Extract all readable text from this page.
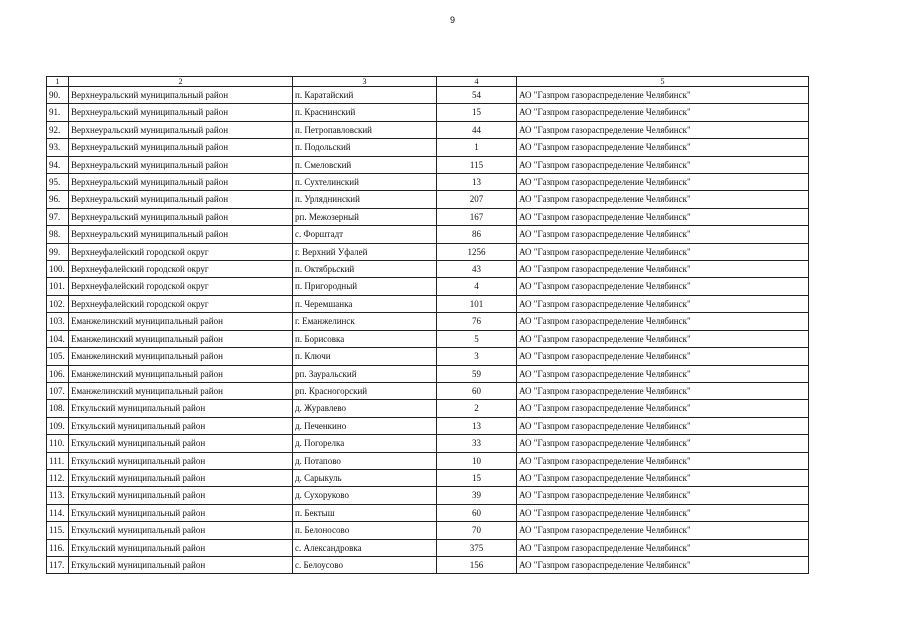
9
1	2	3	4	5
90.	Верхнеуральский муниципальный район	п. Каратайский	54	АО "Газпром газораспределение Челябинск"
91.	Верхнеуральский муниципальный район	п. Краснинский	15	АО "Газпром газораспределение Челябинск"
92.	Верхнеуральский муниципальный район	п. Петропавловский	44	АО "Газпром газораспределение Челябинск"
93.	Верхнеуральский муниципальный район	п. Подольский	1	АО "Газпром газораспределение Челябинск"
94.	Верхнеуральский муниципальный район	п. Смеловский	115	АО "Газпром газораспределение Челябинск"
95.	Верхнеуральский муниципальный район	п. Сухтелинский	13	АО "Газпром газораспределение Челябинск"
96.	Верхнеуральский муниципальный район	п. Урляднинский	207	АО "Газпром газораспределение Челябинск"
97.	Верхнеуральский муниципальный район	рп. Межозерный	167	АО "Газпром газораспределение Челябинск"
98.	Верхнеуральский муниципальный район	с. Форштадт	86	АО "Газпром газораспределение Челябинск"
99.	Верхнеуфалейский городской округ	г. Верхний Уфалей	1256	АО "Газпром газораспределение Челябинск"
100.	Верхнеуфалейский городской округ	п. Октябрьский	43	АО "Газпром газораспределение Челябинск"
101.	Верхнеуфалейский городской округ	п. Пригородный	4	АО "Газпром газораспределение Челябинск"
102.	Верхнеуфалейский городской округ	п. Черемшанка	101	АО "Газпром газораспределение Челябинск"
103.	Еманжелинский муниципальный район	г. Еманжелинск	76	АО "Газпром газораспределение Челябинск"
104.	Еманжелинский муниципальный район	п. Борисовка	5	АО "Газпром газораспределение Челябинск"
105.	Еманжелинский муниципальный район	п. Ключи	3	АО "Газпром газораспределение Челябинск"
106.	Еманжелинский муниципальный район	рп. Зауральский	59	АО "Газпром газораспределение Челябинск"
107.	Еманжелинский муниципальный район	рп. Красногорский	60	АО "Газпром газораспределение Челябинск"
108.	Еткульский муниципальный район	д. Журавлево	2	АО "Газпром газораспределение Челябинск"
109.	Еткульский муниципальный район	д. Печенкино	13	АО "Газпром газораспределение Челябинск"
110.	Еткульский муниципальный район	д. Погорелка	33	АО "Газпром газораспределение Челябинск"
111.	Еткульский муниципальный район	д. Потапово	10	АО "Газпром газораспределение Челябинск"
112.	Еткульский муниципальный район	д. Сарыкуль	15	АО "Газпром газораспределение Челябинск"
113.	Еткульский муниципальный район	д. Сухоруково	39	АО "Газпром газораспределение Челябинск"
114.	Еткульский муниципальный район	п. Бектыш	60	АО "Газпром газораспределение Челябинск"
115.	Еткульский муниципальный район	п. Белоносово	70	АО "Газпром газораспределение Челябинск"
116.	Еткульский муниципальный район	с. Александровка	375	АО "Газпром газораспределение Челябинск"
117.	Еткульский муниципальный район	с. Белоусово	156	АО "Газпром газораспределение Челябинск"
